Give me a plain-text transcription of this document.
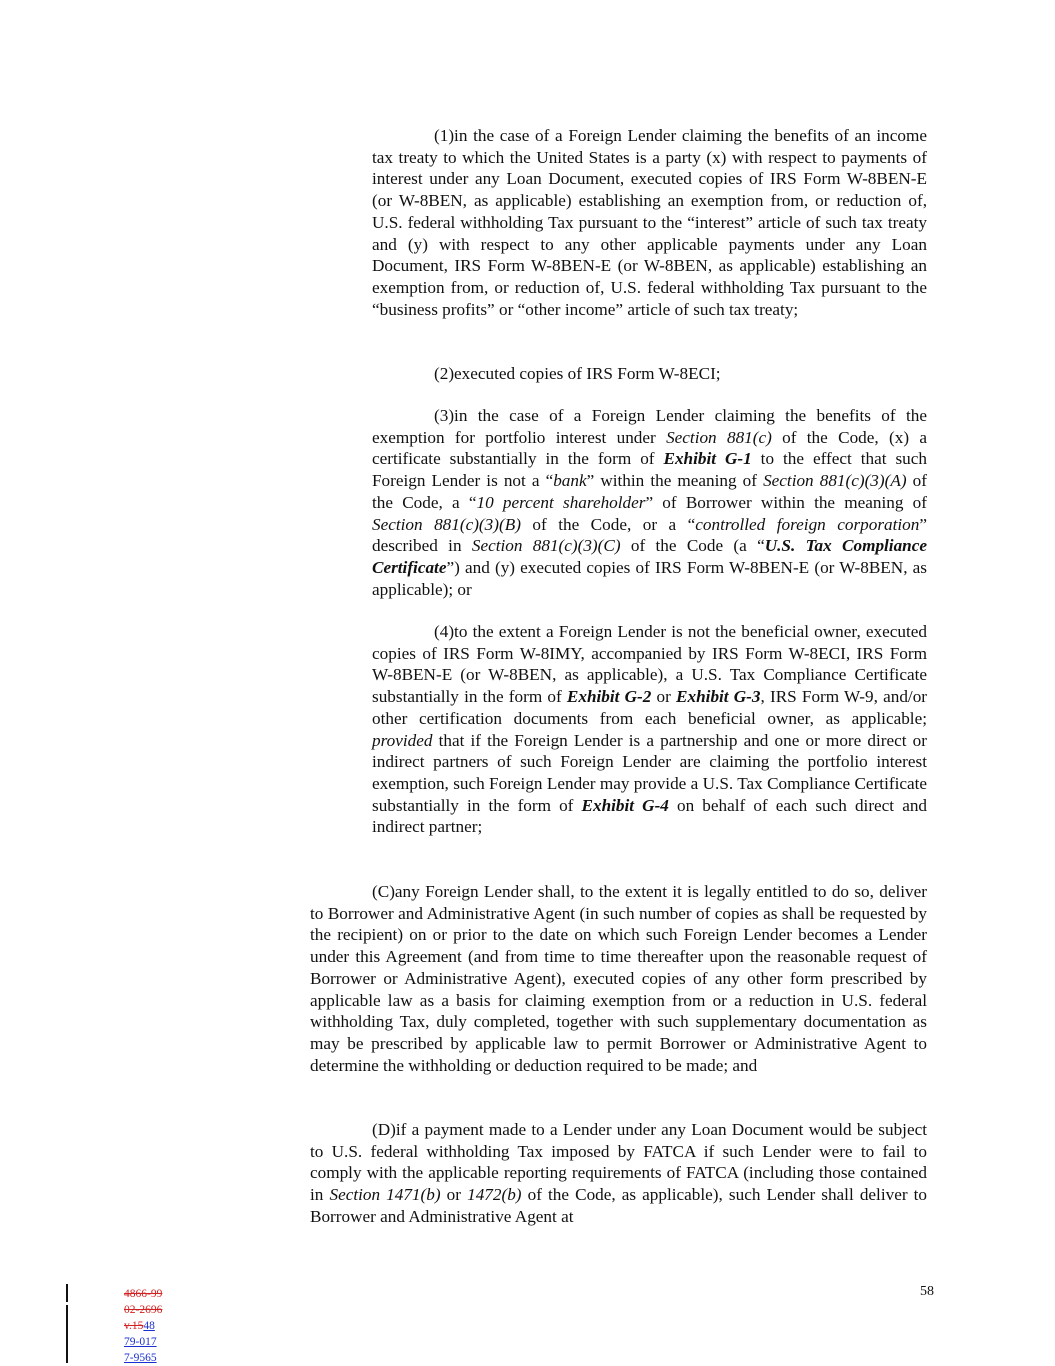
(1)in the case of a Foreign Lender claiming the benefits of an income tax treaty to which the United States is a party (x) with respect to payments of interest under any Loan Document, executed copies of IRS Form W-8BEN-E (or W-8BEN, as applicable) establishing an exemption from, or reduction of, U.S. federal withholding Tax pursuant to the “interest” article of such tax treaty and (y) with respect to any other applicable payments under any Loan Document, IRS Form W-8BEN-E (or W-8BEN, as applicable) establishing an exemption from, or reduction of, U.S. federal withholding Tax pursuant to the “business profits” or “other income” article of such tax treaty;
(2)executed copies of IRS Form W-8ECI;
(3)in the case of a Foreign Lender claiming the benefits of the exemption for portfolio interest under Section 881(c) of the Code, (x) a certificate substantially in the form of Exhibit G-1 to the effect that such Foreign Lender is not a “bank” within the meaning of Section 881(c)(3)(A) of the Code, a “10 percent shareholder” of Borrower within the meaning of Section 881(c)(3)(B) of the Code, or a “controlled foreign corporation” described in Section 881(c)(3)(C) of the Code (a “U.S. Tax Compliance Certificate”) and (y) executed copies of IRS Form W-8BEN-E (or W-8BEN, as applicable); or
(4)to the extent a Foreign Lender is not the beneficial owner, executed copies of IRS Form W-8IMY, accompanied by IRS Form W-8ECI, IRS Form W-8BEN-E (or W-8BEN, as applicable), a U.S. Tax Compliance Certificate substantially in the form of Exhibit G-2 or Exhibit G-3, IRS Form W-9, and/or other certification documents from each beneficial owner, as applicable; provided that if the Foreign Lender is a partnership and one or more direct or indirect partners of such Foreign Lender are claiming the portfolio interest exemption, such Foreign Lender may provide a U.S. Tax Compliance Certificate substantially in the form of Exhibit G-4 on behalf of each such direct and indirect partner;
(C)any Foreign Lender shall, to the extent it is legally entitled to do so, deliver to Borrower and Administrative Agent (in such number of copies as shall be requested by the recipient) on or prior to the date on which such Foreign Lender becomes a Lender under this Agreement (and from time to time thereafter upon the reasonable request of Borrower or Administrative Agent), executed copies of any other form prescribed by applicable law as a basis for claiming exemption from or a reduction in U.S. federal withholding Tax, duly completed, together with such supplementary documentation as may be prescribed by applicable law to permit Borrower or Administrative Agent to determine the withholding or deduction required to be made; and
(D)if a payment made to a Lender under any Loan Document would be subject to U.S. federal withholding Tax imposed by FATCA if such Lender were to fail to comply with the applicable reporting requirements of FATCA (including those contained in Section 1471(b) or 1472(b) of the Code, as applicable), such Lender shall deliver to Borrower and Administrative Agent at
58
4866-99
02-2696
v.1548
79-017
7-9565
